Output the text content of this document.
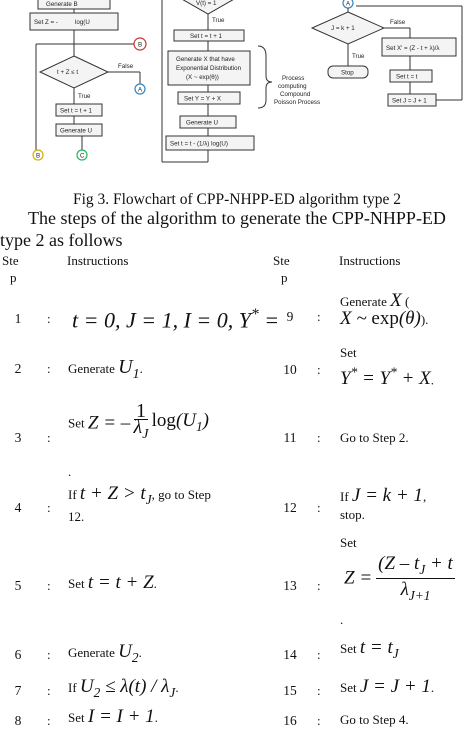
Generate B
Set Z = -	log(U
B
t + Z ≤ t
False
A
True
Set t = t + 1
Generate U
B	C
V(t) = 1
True
Set t = t + 1
Generate X that have
Exponential Distribution
(X ~ exp(θ))
Set Y = Y + X
Generate U
Set t = t - (1/λ) log(U)
Process
computing
Compound
Poisson Process
A
J = k + 1
False
True
Set X' = (Z - t + λ)/λ
Stop
Set t = t
Set J = J + 1
Fig 3. Flowchart of CPP-NHPP-ED algorithm type 2
The steps of the algorithm to generate the CPP-NHPP-ED
type 2 as follows
Ste
p
Instructions	Ste
p
Instructions
1	: t = 0, J = 1, I = 0, Y* =
2	: Generate $U_1$.
3	:
Set Z = – $\frac{1}{\lambda_J} \log(U_1)$
.
4	:
If $t + Z > t_J$, go to Step
12.
5	: Set t = t + Z.
6	: Generate $U_2$.
7	: If $U_2 \le \lambda(t) / \lambda_J$.
8	: Set I = I + 1.
9	:
Generate X (
X ~ exp(θ)).
10	:
Set
Y* = Y* + X.
11	: Go to Step 2.
12	:
If J = k + 1,
stop.
13	:
Set
$Z = \frac{(Z - t_J + t}{\lambda_{J+1}}$
.
14	: Set $t = t_J$
15	: Set J = J + 1.
16	: Go to Step 4.
